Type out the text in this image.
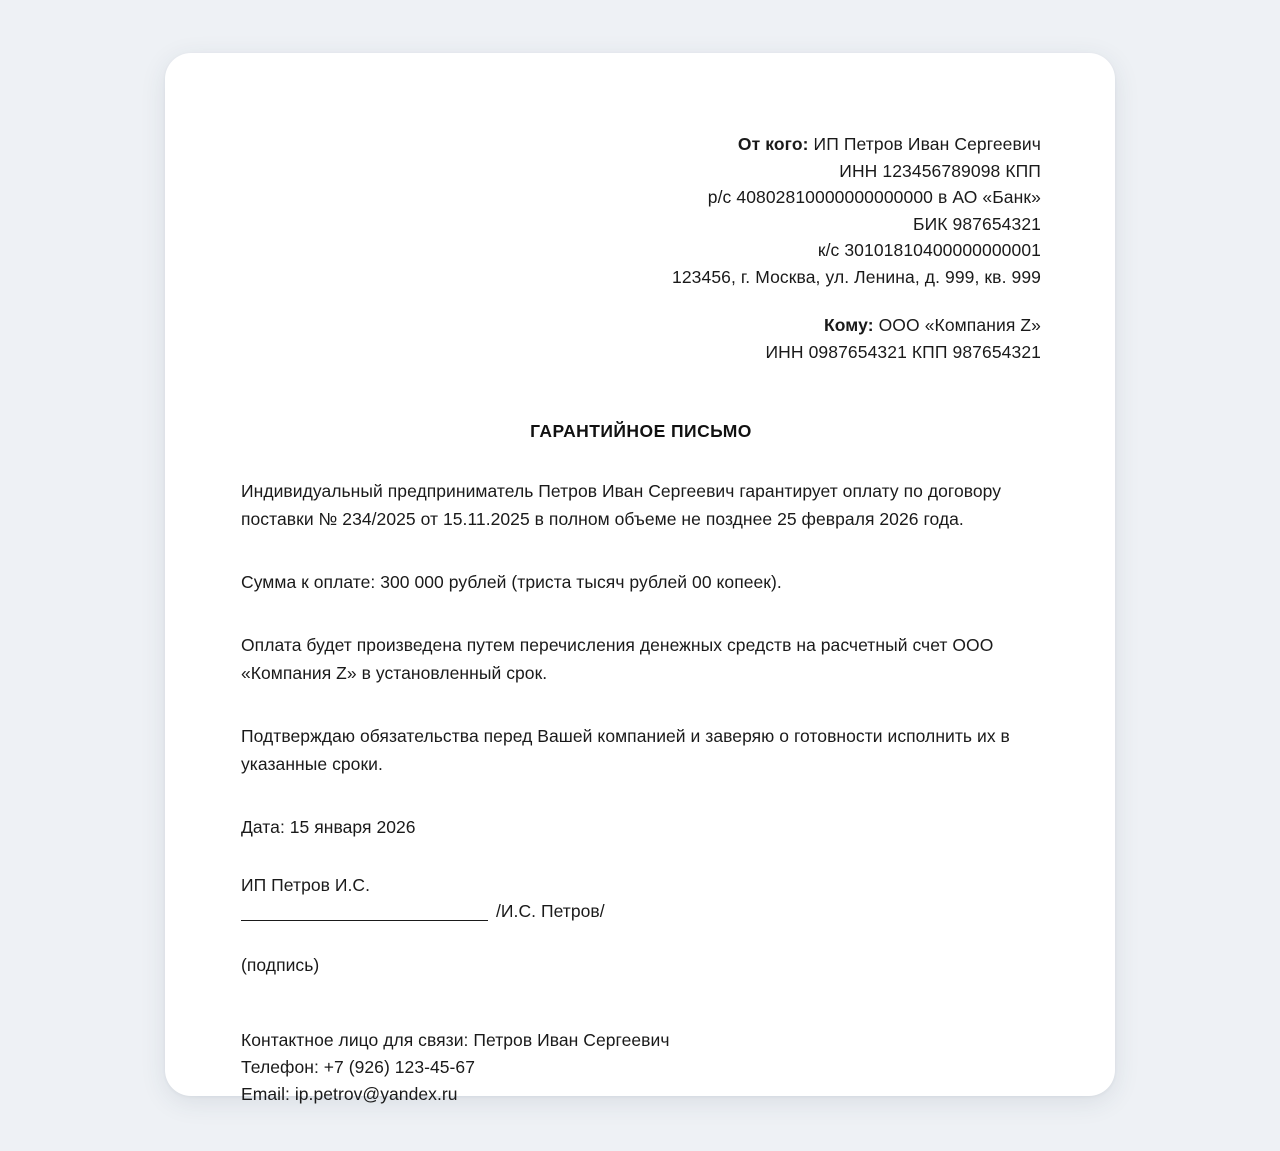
От кого: ИП Петров Иван Сергеевич
ИНН 123456789098 КПП
р/с 40802810000000000000 в АО «Банк»
БИК 987654321
к/с 30101810400000000001
123456, г. Москва, ул. Ленина, д. 999, кв. 999
Кому: ООО «Компания Z»
ИНН 0987654321 КПП 987654321
ГАРАНТИЙНОЕ ПИСЬМО
Индивидуальный предприниматель Петров Иван Сергеевич гарантирует оплату по договору поставки № 234/2025 от 15.11.2025 в полном объеме не позднее 25 февраля 2026 года.
Сумма к оплате: 300 000 рублей (триста тысяч рублей 00 копеек).
Оплата будет произведена путем перечисления денежных средств на расчетный счет ООО «Компания Z» в установленный срок.
Подтверждаю обязательства перед Вашей компанией и заверяю о готовности исполнить их в указанные сроки.
Дата: 15 января 2026
ИП Петров И.С.
/И.С. Петров/
(подпись)
Контактное лицо для связи: Петров Иван Сергеевич
Телефон: +7 (926) 123-45-67
Email: ip.petrov@yandex.ru
